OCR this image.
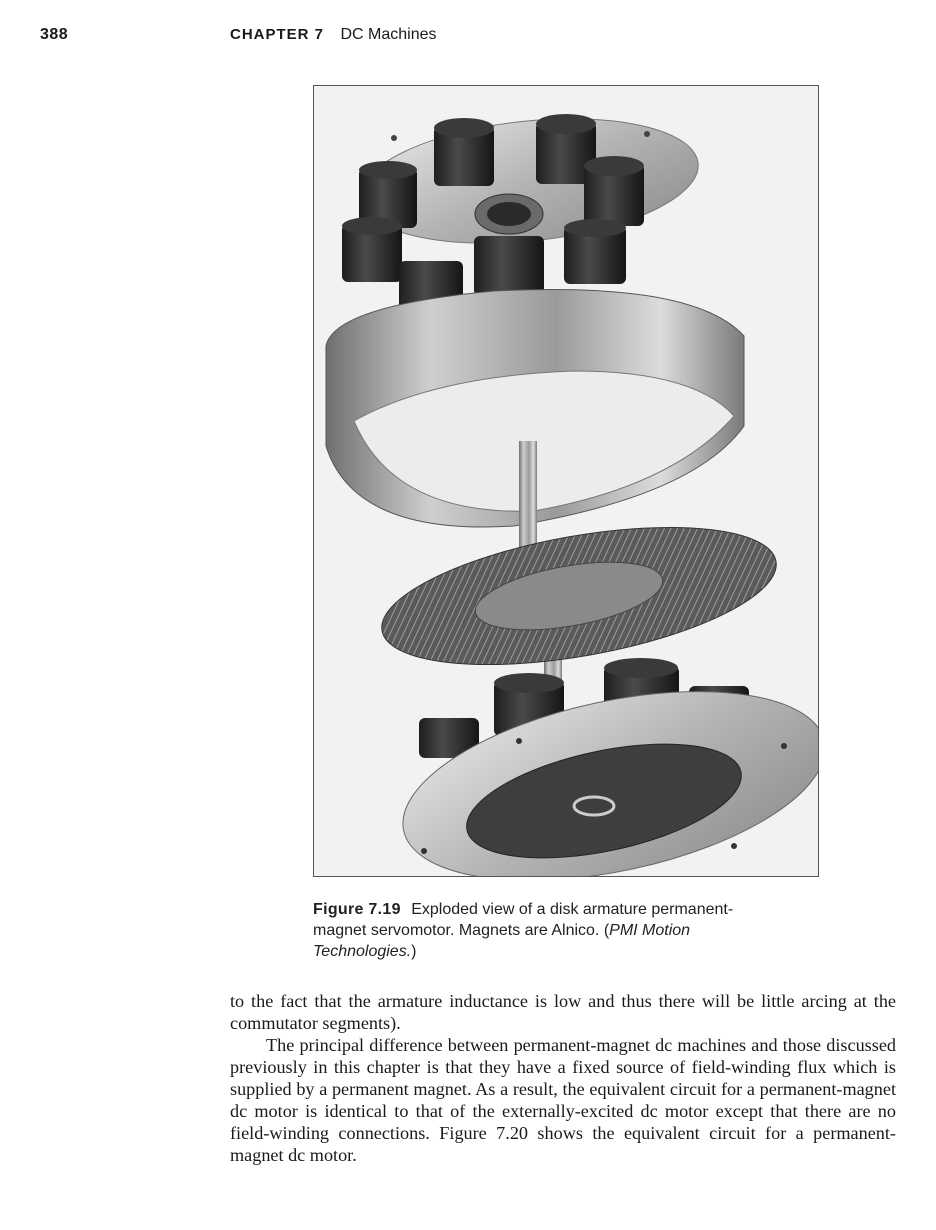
388	CHAPTER 7 DC Machines
Figure 7.19 Exploded view of a disk armature permanent-magnet servomotor. Magnets are Alnico. (PMI Motion Technologies.)

to the fact that the armature inductance is low and thus there will be little arcing at the commutator segments).

The principal difference between permanent-magnet dc machines and those discussed previously in this chapter is that they have a fixed source of field-winding flux which is supplied by a permanent magnet. As a result, the equivalent circuit for a permanent-magnet dc motor is identical to that of the externally-excited dc motor except that there are no field-winding connections. Figure 7.20 shows the equivalent circuit for a permanent-magnet dc motor.
